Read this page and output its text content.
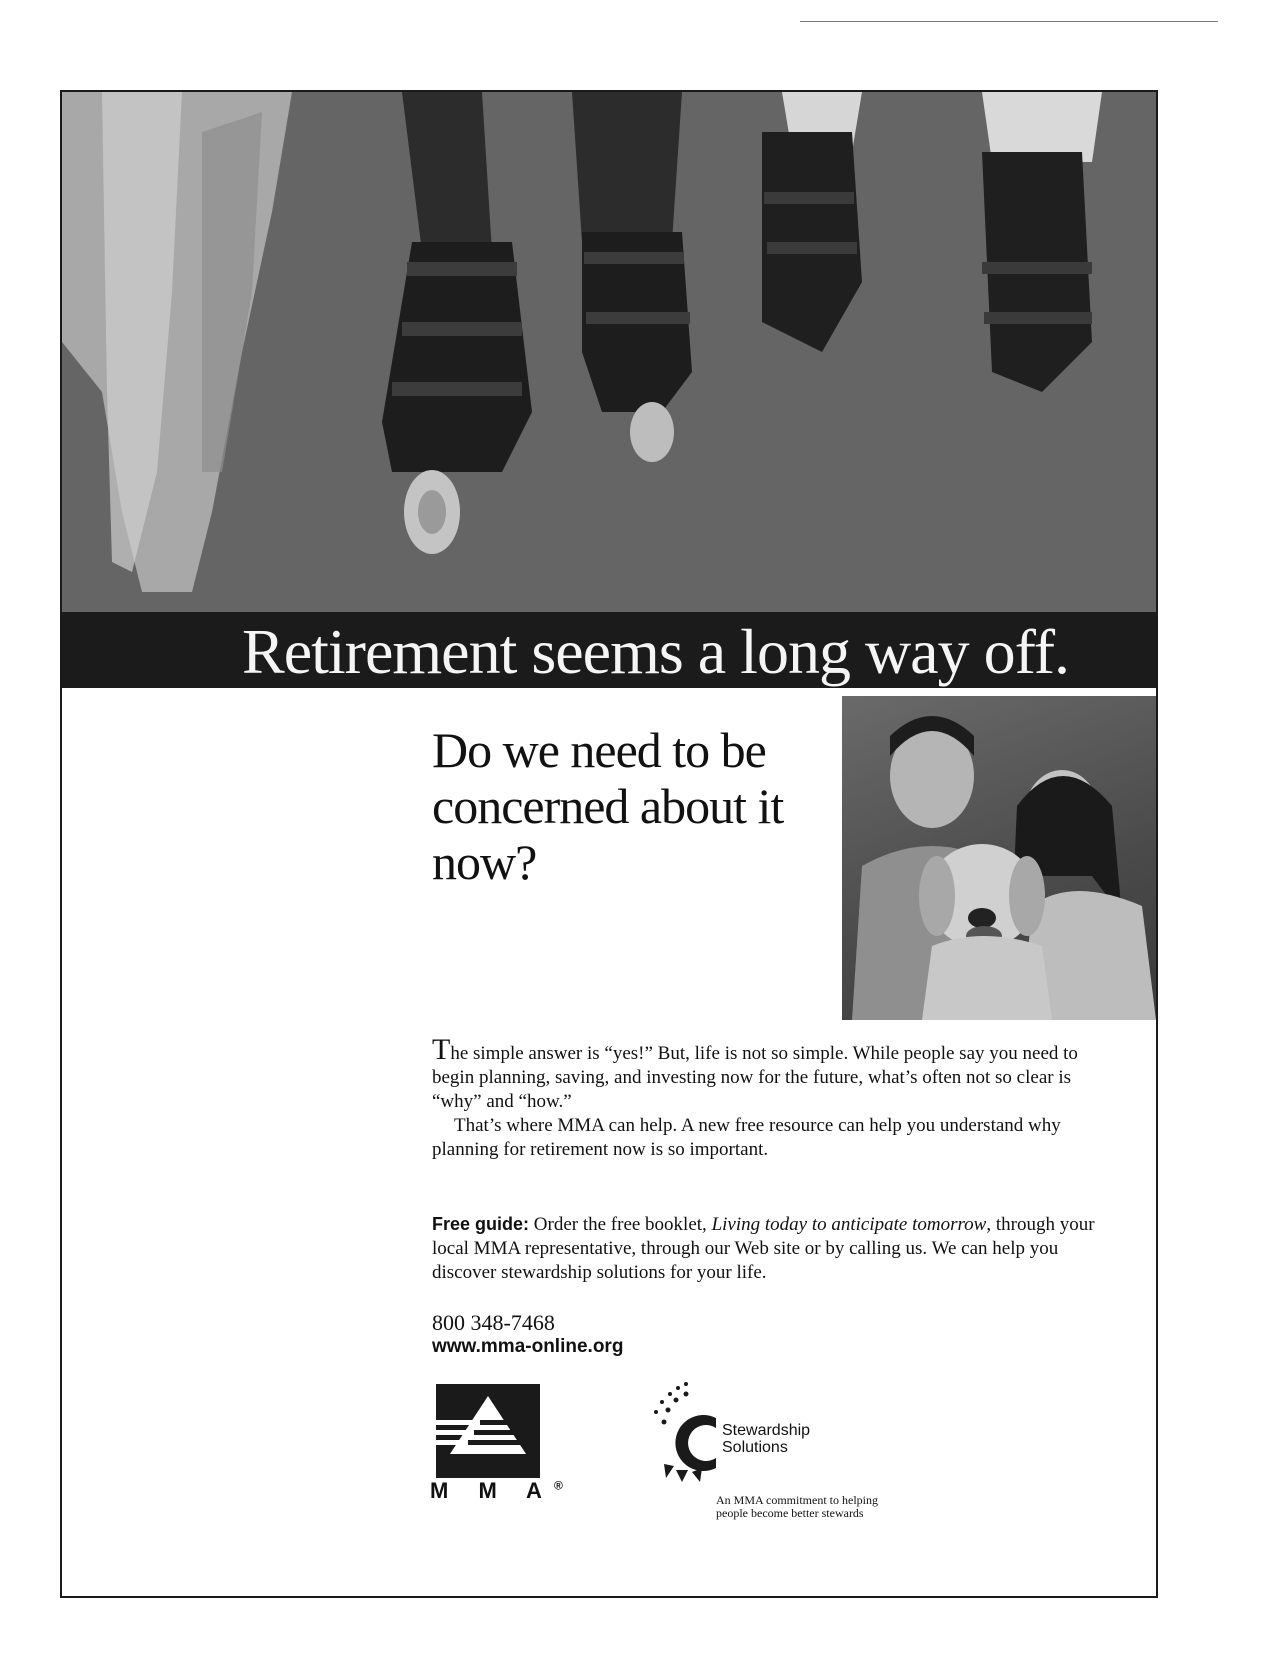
Retirement seems a long way off.
Do we need to be concerned about it now?

The simple answer is “yes!” But, life is not so simple. While people say you need to begin planning, saving, and investing now for the future, what’s often not so clear is “why” and “how.”

That’s where MMA can help. A new free resource can help you understand why planning for retirement now is so important.

Free guide: Order the free booklet, Living today to anticipate tomorrow, through your local MMA representative, through our Web site or by calling us. We can help you discover stewardship solutions for your life.

800 348-7468

www.mma-online.org

M M A®
Stewardship Solutions
An MMA commitment to helping people become better stewards
